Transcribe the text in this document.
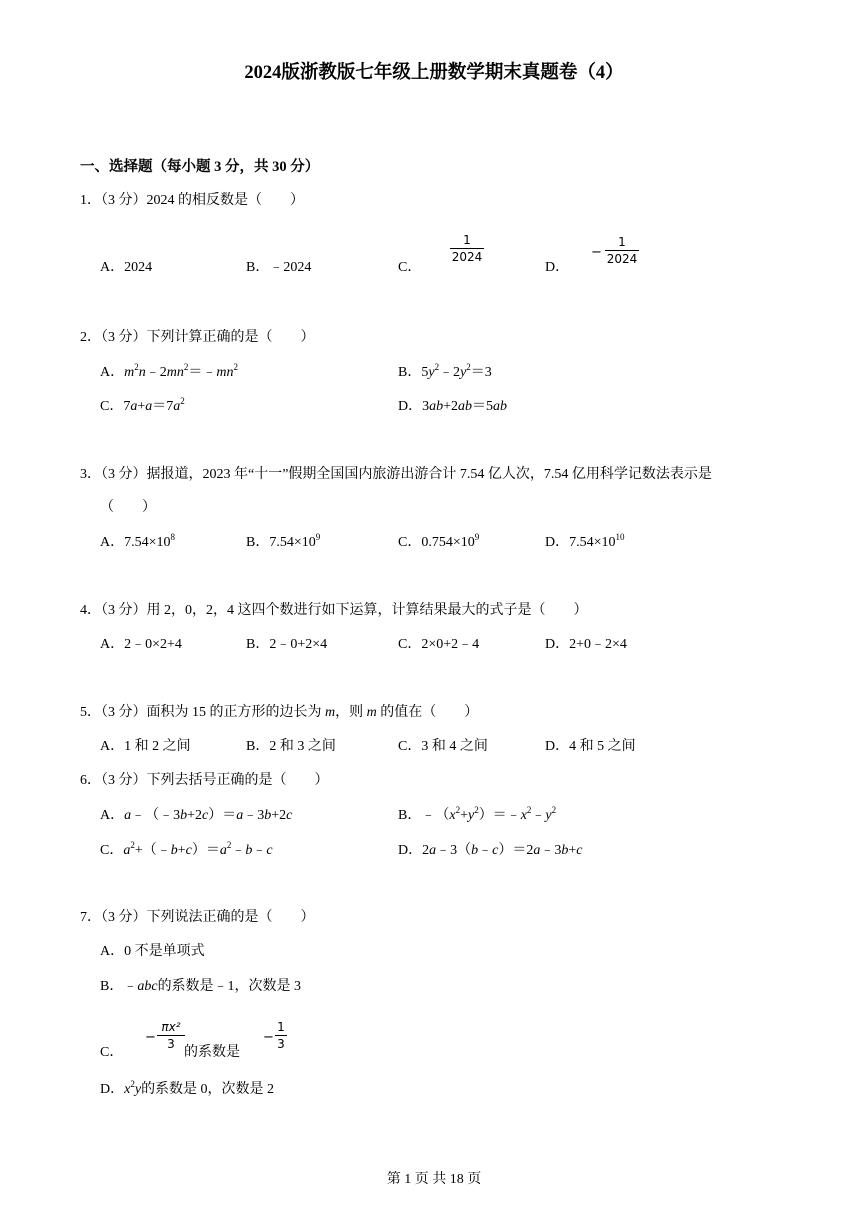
2024版浙教版七年级上册数学期末真题卷（4）
一、选择题（每小题 3 分，共 30 分）
1．（3 分）2024 的相反数是（　　）
A．2024	B．﹣2024	C．
$\frac{1}{2024}$
D．
− $\frac{1}{2024}$
2．（3 分）下列计算正确的是（　　）
A．$m^2n﹣2mn^2=﹣mn^2$	B．$5y^2﹣2y^2=3$
C．$7a+a=7a^2$	D．3ab+2ab＝5ab
3．（3 分）据报道，2023 年“十一”假期全国国内旅游出游合计 7.54 亿人次，7.54 亿用科学记数法表示是
（　　）
A．$7.54\times 10^8$	B．$7.54\times 10^9$	C．$0.754\times 10^9$	D．$7.54\times 10^{10}$
4．（3 分）用 2，0，2，4 这四个数进行如下运算，计算结果最大的式子是（　　）
A．2﹣0×2+4	B．2﹣0+2×4	C．2×0+2﹣4	D．2+0﹣2×4
5．（3 分）面积为 15 的正方形的边长为 m，则 m 的值在（　　）
A．1 和 2 之间	B．2 和 3 之间	C．3 和 4 之间	D．4 和 5 之间
6．（3 分）下列去括号正确的是（　　）
A．a﹣（﹣3b+2c）＝a﹣3b+2c	B．$﹣(x^2+y^2)=﹣x^2﹣y^2$
C．$a^2+(﹣b+c)=a^2﹣b﹣c$	D．2a﹣3（b﹣c）＝2a﹣3b+c
7．（3 分）下列说法正确的是（　　）
A．0 不是单项式
B．﹣abc的系数是﹣1，次数是 3
C．
− $\frac{\text{πx²}}{3}$
的系数是
− $\frac{1}{3}$
D．$x^2y$的系数是 0，次数是 2
第 1 页 共 18 页
